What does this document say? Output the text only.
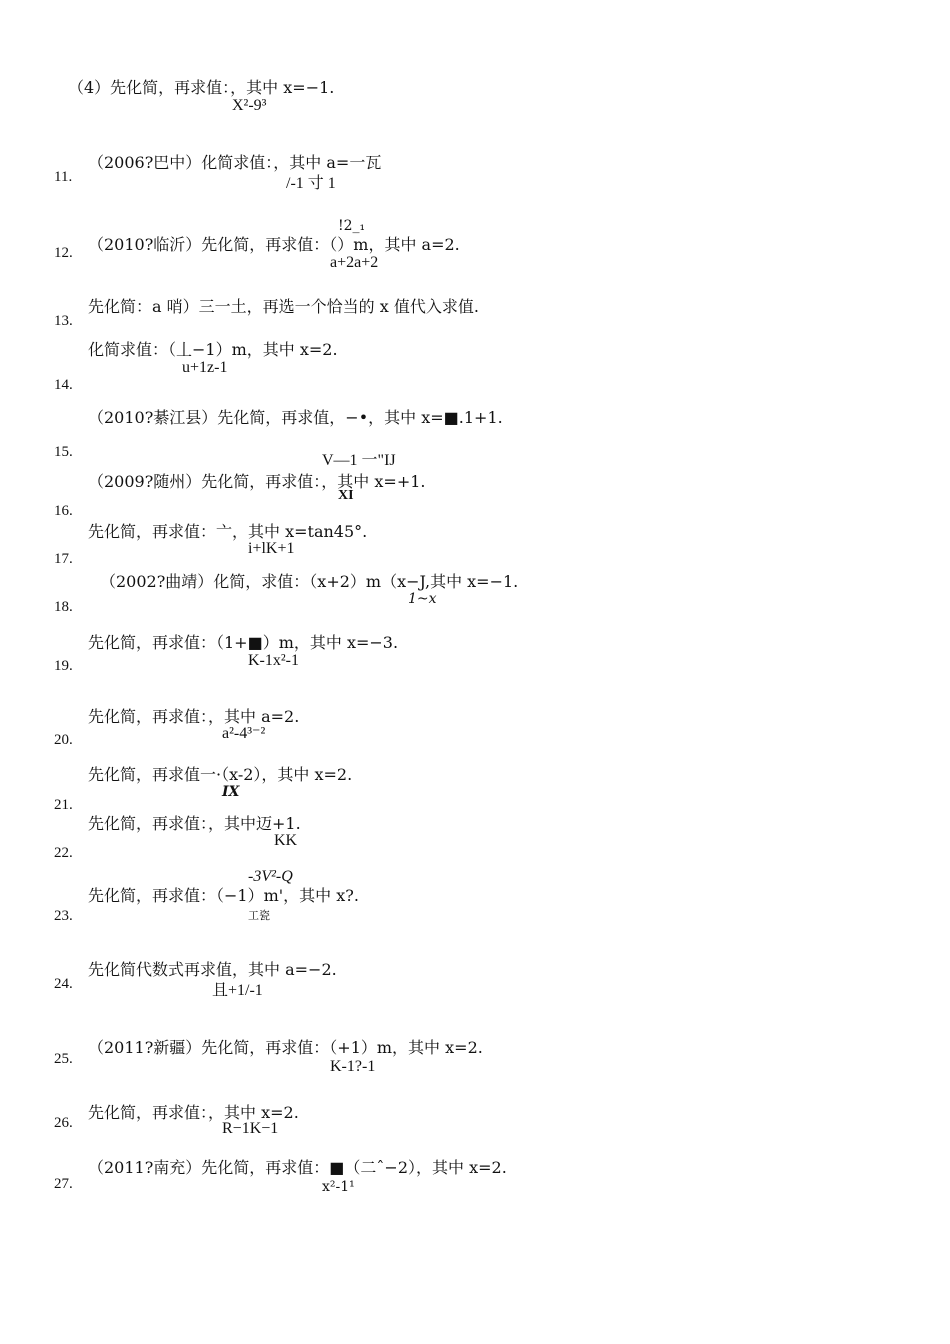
（4）先化简，再求值：，其中 x=−1.
X²-9³
11.
（2006?巴中）化简求值：，其中 a=一瓦
/-1 寸 1
!2_₁
12. （2010?临沂）先化简，再求值：（）m，其中 a=2.
a+2a+2
13.
先化简：a 哨）三一土，再选一个恰当的 x 值代入求值.
化简求值：（丄−1）m，其中 x=2.
u+1z-1
14.
（2010?綦江县）先化简，再求值，−•，其中 x=■.1+1.
15.	V—1 一"IJ
（2009?随州）先化简，再求值：，其中 x=+1.
XI
16.
先化简，再求值：亠，其中 x=tan45°.
i+lK+1
17.
（2002?曲靖）化简，求值：（x+2）m（x−J,其中 x=−1.
1~x
18.
先化简，再求值：（1+■）m，其中 x=−3.
K-1x²-1
19.
先化简，再求值：，其中 a=2.
a²-4³⁻²
20.
先化简，再求值一·（x-2），其中 x=2.
IX
21.
先化简，再求值：，其中迈+1.
KK
22.
-3V²-Q
先化简，再求值：（−1）m'，其中 x?.
工瓷
23.
先化简代数式再求值，其中 a=−2.
24.	且+1/-1
（2011?新疆）先化简，再求值：（+1）m，其中 x=2.
25.	K-1?-1
先化简，再求值：，其中 x=2.
R−1K−1
26.
（2011?南充）先化简，再求值：■（二ˆ−2），其中 x=2.
x²-1¹
27.
